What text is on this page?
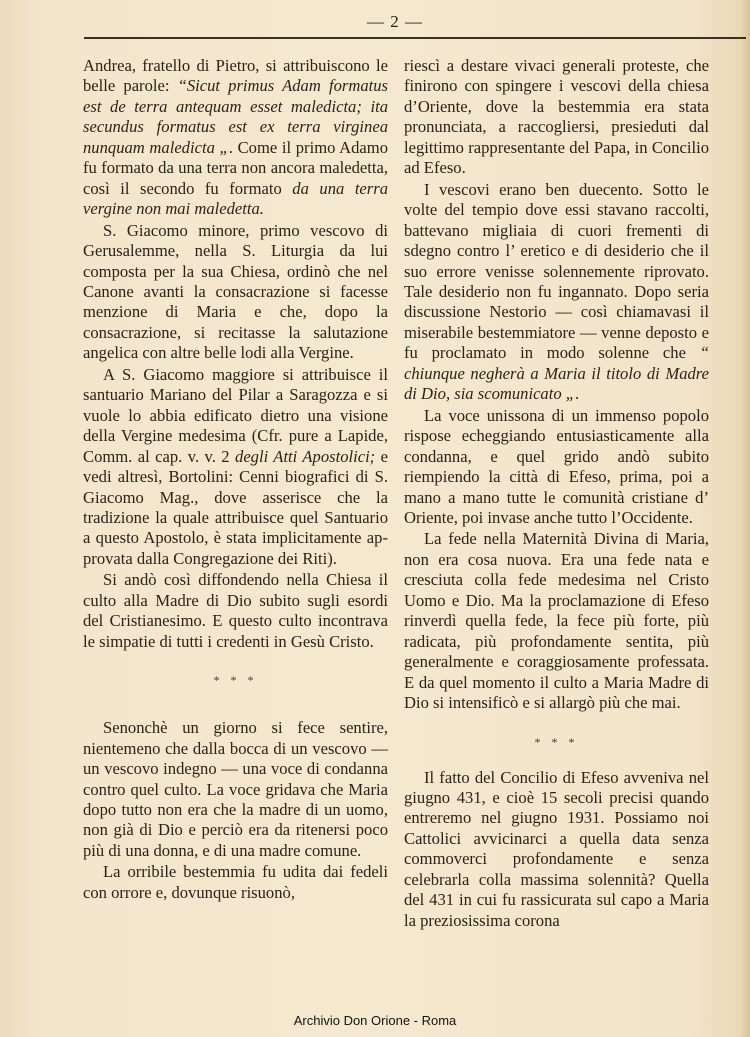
— 2 —

Andrea, fratello di Pietro, si attribuiscono le belle parole: “Sicut primus Adam formatus est de terra antequam esset maledicta; ita secundus formatus est ex terra virginea nunquam maledicta „. Come il primo Adamo fu formato da una terra non ancora maledetta, così il secondo fu formato da una terra vergine non mai maledetta.

S. Giacomo minore, primo vescovo di Gerusalemme, nella S. Liturgia da lui composta per la sua Chiesa, ordinò che nel Canone avanti la consacrazione si facesse menzione di Maria e che, dopo la consacrazione, si recitasse la salutazione angelica con altre belle lodi alla Vergine.

A S. Giacomo maggiore si attribuisce il santuario Mariano del Pilar a Saragozza e si vuole lo abbia edificato dietro una visione della Vergine medesima (Cfr. pure a Lapide, Comm. al cap. v. v. 2 degli Atti Apostolici; e vedi altresì, Bortolini: Cenni biografici di S. Giacomo Mag., dove asserisce che la tradizione la quale attribuisce quel Santuario a questo Apostolo, è stata implicitamente approvata dalla Congregazione dei Riti).

Si andò così diffondendo nella Chiesa il culto alla Madre di Dio subito sugli esordi del Cristianesimo. E questo culto incontrava le simpatie di tutti i credenti in Gesù Cristo.

* * *

Senonchè un giorno si fece sentire, nientemeno che dalla bocca di un vescovo — un vescovo indegno — una voce di condanna contro quel culto. La voce gridava che Maria dopo tutto non era che la madre di un uomo, non già di Dio e perciò era da ritenersi poco più di una donna, e di una madre comune.

La orribile bestemmia fu udita dai fedeli con orrore e, dovunque risuonò,

riescì a destare vivaci generali proteste, che finirono con spingere i vescovi della chiesa d’Oriente, dove la bestemmia era stata pronunciata, a raccogliersi, presieduti dal legittimo rappresentante del Papa, in Concilio ad Efeso.

I vescovi erano ben duecento. Sotto le volte del tempio dove essi stavano raccolti, battevano migliaia di cuori frementi di sdegno contro l’ eretico e di desiderio che il suo errore venisse solennemente riprovato. Tale desiderio non fu ingannato. Dopo seria discussione Nestorio — così chiamavasi il miserabile bestemmiatore — venne deposto e fu proclamato in modo solenne che “ chiunque negherà a Maria il titolo di Madre di Dio, sia scomunicato „.

La voce unissona di un immenso popolo rispose echeggiando entusiasticamente alla condanna, e quel grido andò subito riempiendo la città di Efeso, prima, poi a mano a mano tutte le comunità cristiane d’ Oriente, poi invase anche tutto l’Occidente.

La fede nella Maternità Divina di Maria, non era cosa nuova. Era una fede nata e cresciuta colla fede medesima nel Cristo Uomo e Dio. Ma la proclamazione di Efeso rinverdì quella fede, la fece più forte, più radicata, più profondamente sentita, più generalmente e coraggiosamente professata. E da quel momento il culto a Maria Madre di Dio si intensificò e si allargò più che mai.

* * *

Il fatto del Concilio di Efeso avveniva nel giugno 431, e cioè 15 secoli precisi quando entreremo nel giugno 1931. Possiamo noi Cattolici avvicinarci a quella data senza commoverci profondamente e senza celebrarla colla massima solennità? Quella del 431 in cui fu rassicurata sul capo a Maria la preziosissima corona

Archivio Don Orione - Roma
